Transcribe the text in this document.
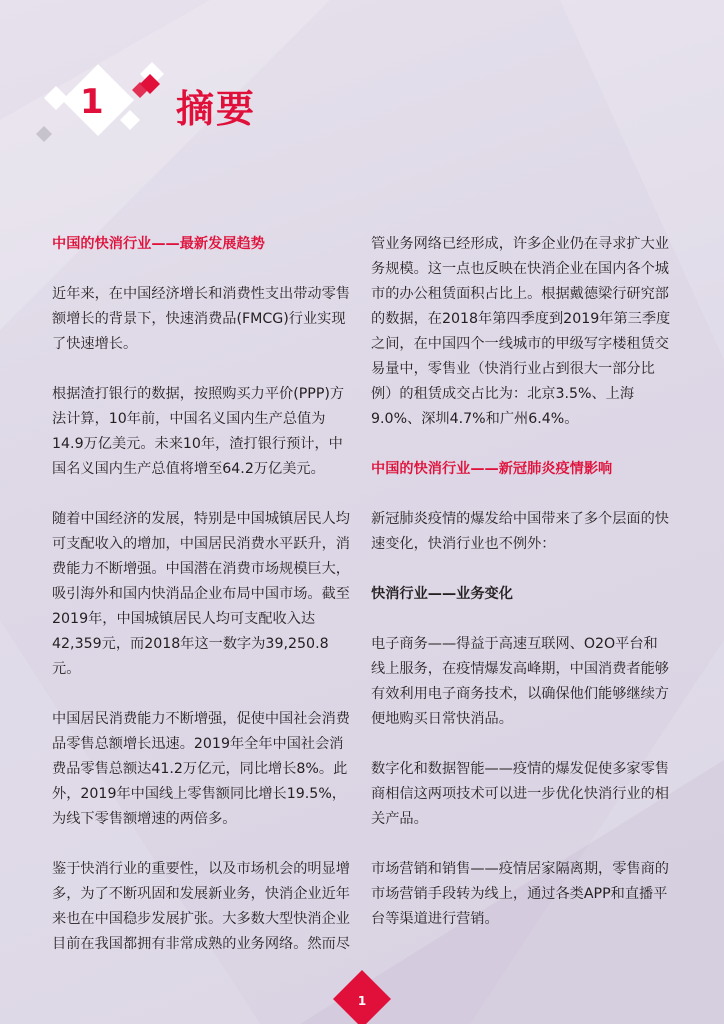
1 摘要
中国的快消行业——最新发展趋势

近年来，在中国经济增长和消费性支出带动零售额增长的背景下，快速消费品(FMCG)行业实现了快速增长。

根据渣打银行的数据，按照购买力平价(PPP)方法计算，10年前，中国名义国内生产总值为14.9万亿美元。未来10年，渣打银行预计，中国名义国内生产总值将增至64.2万亿美元。

随着中国经济的发展，特别是中国城镇居民人均可支配收入的增加，中国居民消费水平跃升，消费能力不断增强。中国潜在消费市场规模巨大，吸引海外和国内快消品企业布局中国市场。截至2019年，中国城镇居民人均可支配收入达42,359元，而2018年这一数字为39,250.8元。

中国居民消费能力不断增强，促使中国社会消费品零售总额增长迅速。2019年全年中国社会消费品零售总额达41.2万亿元，同比增长8%。此外，2019年中国线上零售额同比增长19.5%，为线下零售额增速的两倍多。

鉴于快消行业的重要性，以及市场机会的明显增多，为了不断巩固和发展新业务，快消企业近年来也在中国稳步发展扩张。大多数大型快消企业目前在我国都拥有非常成熟的业务网络。然而尽

管业务网络已经形成，许多企业仍在寻求扩大业务规模。这一点也反映在快消企业在国内各个城市的办公租赁面积占比上。根据戴德梁行研究部的数据，在2018年第四季度到2019年第三季度之间，在中国四个一线城市的甲级写字楼租赁交易量中，零售业（快消行业占到很大一部分比例）的租赁成交占比为：北京3.5%、上海9.0%、深圳4.7%和广州6.4%。

中国的快消行业——新冠肺炎疫情影响

新冠肺炎疫情的爆发给中国带来了多个层面的快速变化，快消行业也不例外：

快消行业——业务变化

电子商务——得益于高速互联网、O2O平台和线上服务，在疫情爆发高峰期，中国消费者能够有效利用电子商务技术，以确保他们能够继续方便地购买日常快消品。

数字化和数据智能——疫情的爆发促使多家零售商相信这两项技术可以进一步优化快消行业的相关产品。

市场营销和销售——疫情居家隔离期，零售商的市场营销手段转为线上，通过各类APP和直播平台等渠道进行营销。

1
